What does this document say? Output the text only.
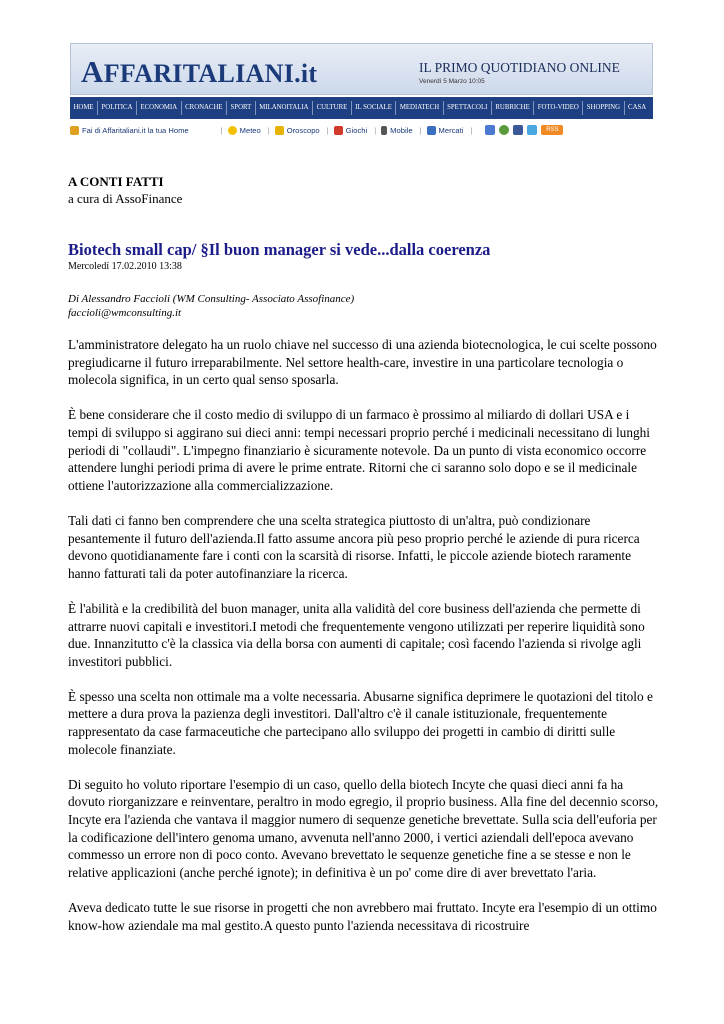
AFFARITALIANI.it	IL PRIMO QUOTIDIANO ONLINE
Venerdì 5 Marzo 10:05
HOME	POLITICA	ECONOMIA	CRONACHE	SPORT	MILANOITALIA	CULTURE	IL SOCIALE	MEDIATECH	SPETTACOLI	RUBRICHE	FOTO-VIDEO	SHOPPING	CASA
Fai di Affaritaliani.it la tua Home	| Meteo | Oroscopo | Giochi | Mobile | Mercati |	RSS
A CONTI FATTI
a cura di AssoFinance
Biotech small cap/ §Il buon manager si vede...dalla coerenza
Mercoledí 17.02.2010 13:38
Di Alessandro Faccioli (WM Consulting- Associato Assofinance)
faccioli@wmconsulting.it

L'amministratore delegato ha un ruolo chiave nel successo di una azienda biotecnologica, le cui scelte possono pregiudicarne il futuro irreparabilmente. Nel settore health-care, investire in una particolare tecnologia o molecola significa, in un certo qual senso sposarla.

È bene considerare che il costo medio di sviluppo di un farmaco è prossimo al miliardo di dollari USA e i tempi di sviluppo si aggirano sui dieci anni: tempi necessari proprio perché i medicinali necessitano di lunghi periodi di "collaudi". L'impegno finanziario è sicuramente notevole. Da un punto di vista economico occorre attendere lunghi periodi prima di avere le prime entrate. Ritorni che ci saranno solo dopo e se il medicinale ottiene l'autorizzazione alla commercializzazione.

Tali dati ci fanno ben comprendere che una scelta strategica piuttosto di un'altra, può condizionare pesantemente il futuro dell'azienda.Il fatto assume ancora più peso proprio perché le aziende di pura ricerca devono quotidianamente fare i conti con la scarsità di risorse. Infatti, le piccole aziende biotech raramente hanno fatturati tali da poter autofinanziare la ricerca.

È l'abilità e la credibilità del buon manager, unita alla validità del core business dell'azienda che permette di attrarre nuovi capitali e investitori.I metodi che frequentemente vengono utilizzati per reperire liquidità sono due. Innanzitutto c'è la classica via della borsa con aumenti di capitale; così facendo l'azienda si rivolge agli investitori pubblici.

È spesso una scelta non ottimale ma a volte necessaria. Abusarne significa deprimere le quotazioni del titolo e mettere a dura prova la pazienza degli investitori. Dall'altro c'è il canale istituzionale, frequentemente rappresentato da case farmaceutiche che partecipano allo sviluppo dei progetti in cambio di diritti sulle molecole finanziate.

Di seguito ho voluto riportare l'esempio di un caso, quello della biotech Incyte che quasi dieci anni fa ha dovuto riorganizzare e reinventare, peraltro in modo egregio, il proprio business. Alla fine del decennio scorso, Incyte era l'azienda che vantava il maggior numero di sequenze genetiche brevettate. Sulla scia dell'euforia per la codificazione dell'intero genoma umano, avvenuta nell'anno 2000, i vertici aziendali dell'epoca avevano commesso un errore non di poco conto. Avevano brevettato le sequenze genetiche fine a se stesse e non le relative applicazioni (anche perché ignote); in definitiva è un po' come dire di aver brevettato l'aria.

Aveva dedicato tutte le sue risorse in progetti che non avrebbero mai fruttato. Incyte era l'esempio di un ottimo know-how aziendale ma mal gestito.A questo punto l'azienda necessitava di ricostruire
